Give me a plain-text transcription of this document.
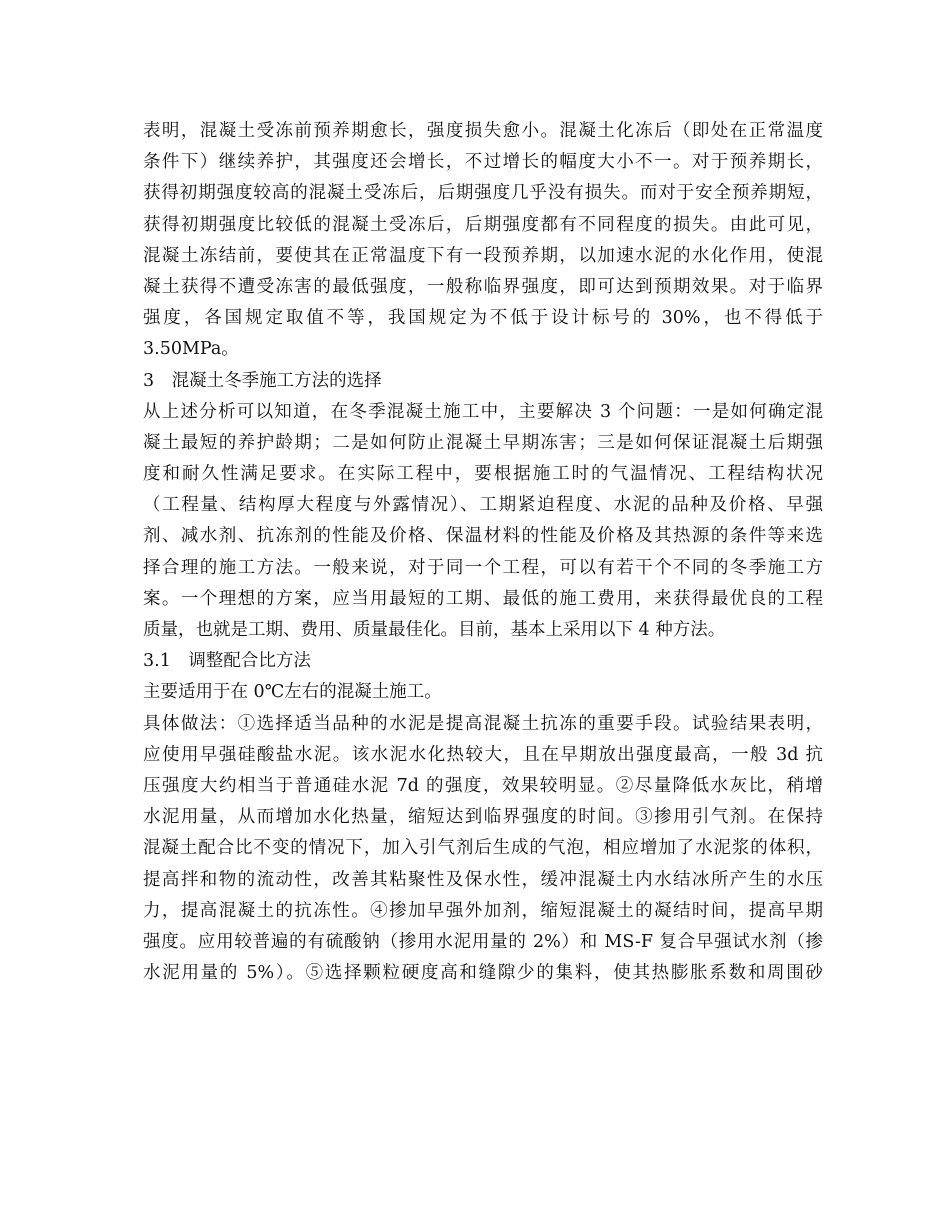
表明，混凝土受冻前预养期愈长，强度损失愈小。混凝土化冻后（即处在正常温度
条件下）继续养护，其强度还会增长，不过增长的幅度大小不一。对于预养期长，
获得初期强度较高的混凝土受冻后，后期强度几乎没有损失。而对于安全预养期短，
获得初期强度比较低的混凝土受冻后，后期强度都有不同程度的损失。由此可见，
混凝土冻结前，要使其在正常温度下有一段预养期，以加速水泥的水化作用，使混
凝土获得不遭受冻害的最低强度，一般称临界强度，即可达到预期效果。对于临界
强度，各国规定取值不等，我国规定为不低于设计标号的 30%，也不得低于
3.50MPa。
3　混凝土冬季施工方法的选择
从上述分析可以知道，在冬季混凝土施工中，主要解决 3 个问题：一是如何确定混
凝土最短的养护龄期；二是如何防止混凝土早期冻害；三是如何保证混凝土后期强
度和耐久性满足要求。在实际工程中，要根据施工时的气温情况、工程结构状况
（工程量、结构厚大程度与外露情况）、工期紧迫程度、水泥的品种及价格、早强
剂、减水剂、抗冻剂的性能及价格、保温材料的性能及价格及其热源的条件等来选
择合理的施工方法。一般来说，对于同一个工程，可以有若干个不同的冬季施工方
案。一个理想的方案，应当用最短的工期、最低的施工费用，来获得最优良的工程
质量，也就是工期、费用、质量最佳化。目前，基本上采用以下 4 种方法。
3.1　调整配合比方法
主要适用于在 0℃左右的混凝土施工。
具体做法：①选择适当品种的水泥是提高混凝土抗冻的重要手段。试验结果表明，
应使用早强硅酸盐水泥。该水泥水化热较大，且在早期放出强度最高，一般 3d 抗
压强度大约相当于普通硅水泥 7d 的强度，效果较明显。②尽量降低水灰比，稍增
水泥用量，从而增加水化热量，缩短达到临界强度的时间。③掺用引气剂。在保持
混凝土配合比不变的情况下，加入引气剂后生成的气泡，相应增加了水泥浆的体积，
提高拌和物的流动性，改善其粘聚性及保水性，缓冲混凝土内水结冰所产生的水压
力，提高混凝土的抗冻性。④掺加早强外加剂，缩短混凝土的凝结时间，提高早期
强度。应用较普遍的有硫酸钠（掺用水泥用量的 2%）和 MS-F 复合早强试水剂（掺
水泥用量的 5%）。⑤选择颗粒硬度高和缝隙少的集料，使其热膨胀系数和周围砂
